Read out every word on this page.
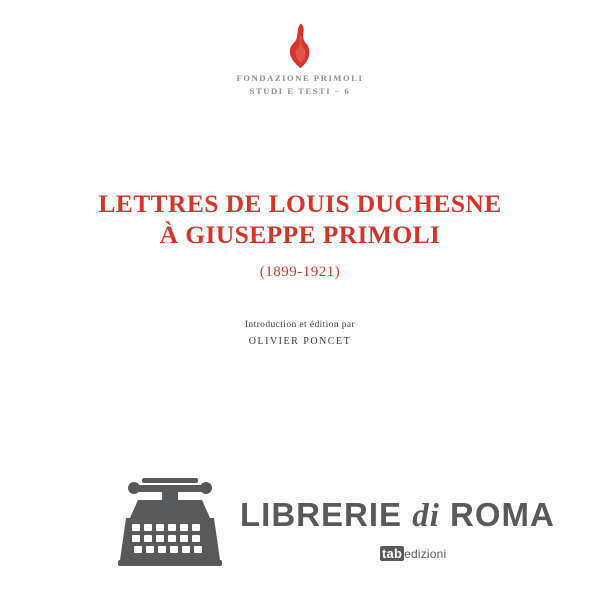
FONDAZIONE PRIMOLI
STUDI E TESTI – 6
LETTRES DE LOUIS DUCHESNE
À GIUSEPPE PRIMOLI
(1899-1921)
Introduction et édition par
OLIVIER PONCET
LIBRERIE di ROMA
tab edizioni
